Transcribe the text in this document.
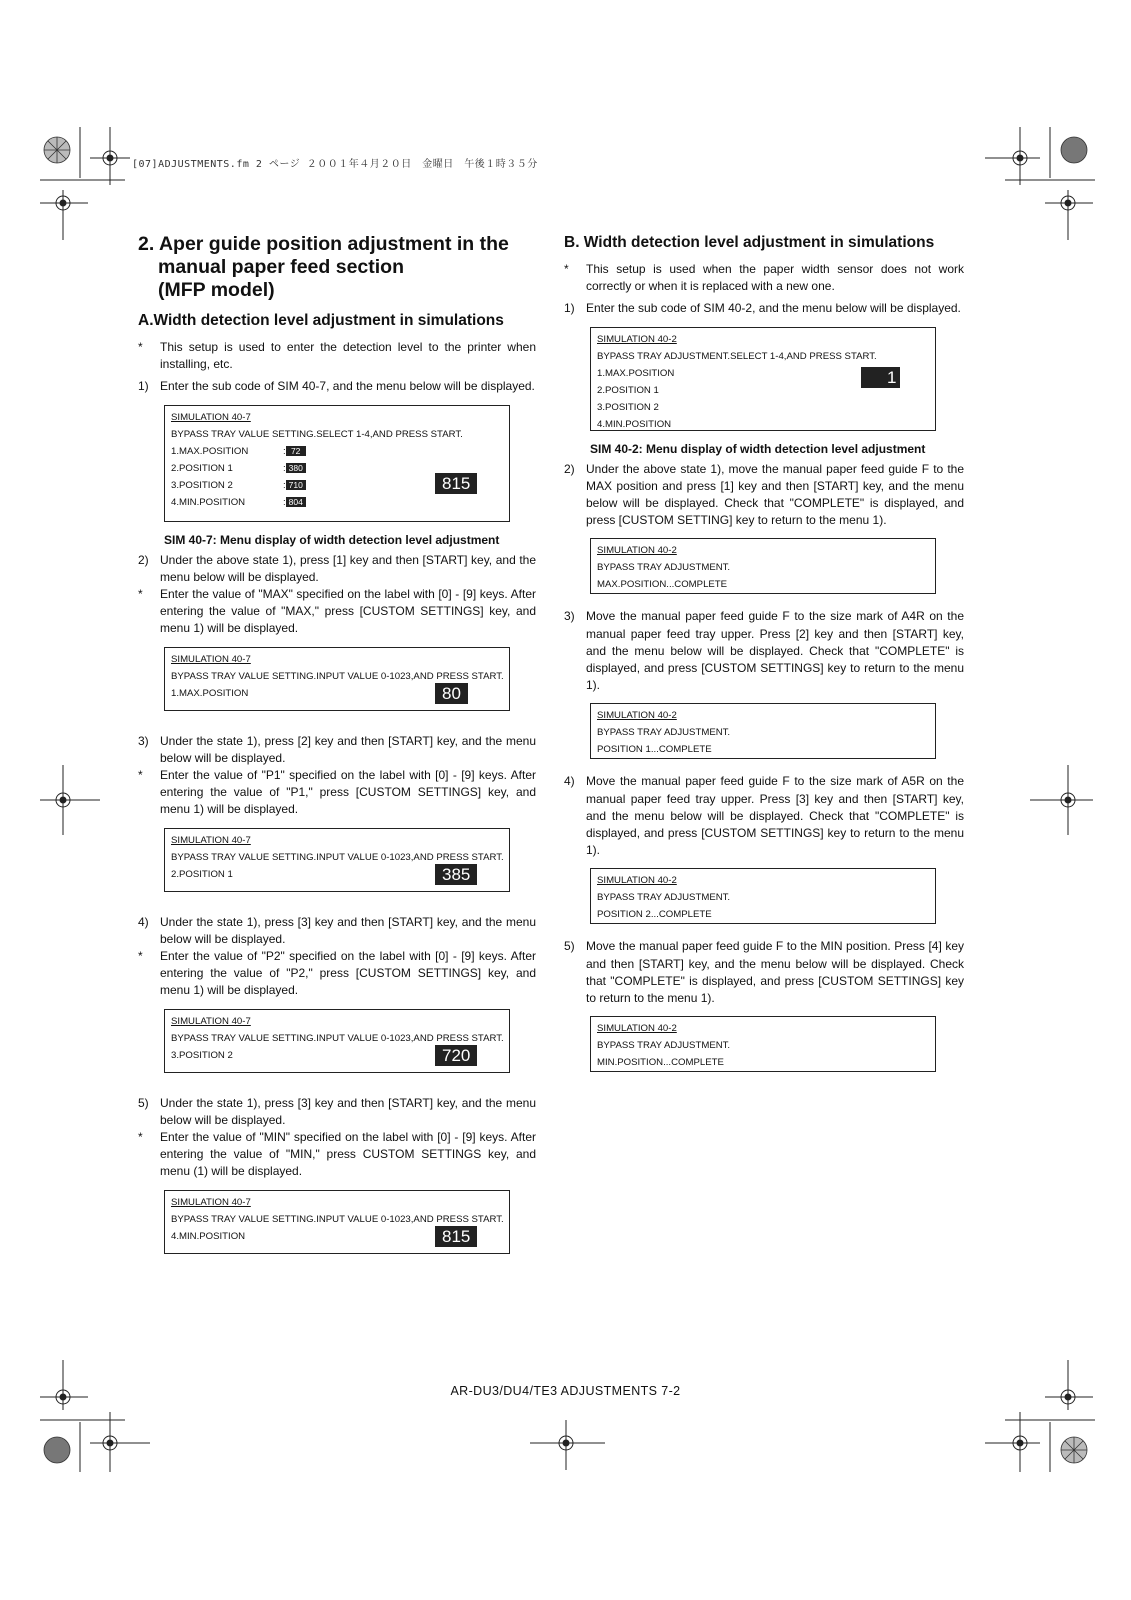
[07]ADJUSTMENTS.fm 2 ページ ２００１年４月２０日　金曜日　午後１時３５分
2. Aper guide position adjustment in the
manual paper feed section
(MFP model)
A.Width detection level adjustment in simulations

* This setup is used to enter the detection level to the printer when installing, etc.

1) Enter the sub code of SIM 40-7, and the menu below will be displayed.

SIMULATION 40-7
BYPASS TRAY VALUE SETTING.SELECT 1-4,AND PRESS START.
1.MAX.POSITION	: 72
2.POSITION 1	: 380
3.POSITION 2	: 710
4.MIN.POSITION	: 804
815

SIM 40-7: Menu display of width detection level adjustment

2) Under the above state 1), press [1] key and then [START] key, and the menu below will be displayed.

* Enter the value of "MAX" specified on the label with [0] - [9] keys. After entering the value of "MAX," press [CUSTOM SETTINGS] key, and menu 1) will be displayed.

SIMULATION 40-7
BYPASS TRAY VALUE SETTING.INPUT VALUE 0-1023,AND PRESS START.
1.MAX.POSITION	80

3) Under the state 1), press [2] key and then [START] key, and the menu below will be displayed.

* Enter the value of "P1" specified on the label with [0] - [9] keys. After entering the value of "P1," press [CUSTOM SETTINGS] key, and menu 1) will be displayed.

SIMULATION 40-7
BYPASS TRAY VALUE SETTING.INPUT VALUE 0-1023,AND PRESS START.
2.POSITION 1	385

4) Under the state 1), press [3] key and then [START] key, and the menu below will be displayed.

* Enter the value of "P2" specified on the label with [0] - [9] keys. After entering the value of "P2," press [CUSTOM SETTINGS] key, and menu 1) will be displayed.

SIMULATION 40-7
BYPASS TRAY VALUE SETTING.INPUT VALUE 0-1023,AND PRESS START.
3.POSITION 2	720

5) Under the state 1), press [3] key and then [START] key, and the menu below will be displayed.

* Enter the value of "MIN" specified on the label with [0] - [9] keys. After entering the value of "MIN," press CUSTOM SETTINGS key, and menu (1) will be displayed.

SIMULATION 40-7
BYPASS TRAY VALUE SETTING.INPUT VALUE 0-1023,AND PRESS START.
4.MIN.POSITION	815
B. Width detection level adjustment in simulations

* This setup is used when the paper width sensor does not work correctly or when it is replaced with a new one.

1) Enter the sub code of SIM 40-2, and the menu below will be displayed.

SIMULATION 40-2
BYPASS TRAY ADJUSTMENT.SELECT 1-4,AND PRESS START.
1.MAX.POSITION
2.POSITION 1
3.POSITION 2
4.MIN.POSITION
1

SIM 40-2: Menu display of width detection level adjustment

2) Under the above state 1), move the manual paper feed guide F to the MAX position and press [1] key and then [START] key, and the menu below will be displayed. Check that "COMPLETE" is displayed, and press [CUSTOM SETTING] key to return to the menu 1).

SIMULATION 40-2
BYPASS TRAY ADJUSTMENT.
MAX.POSITION...COMPLETE

3) Move the manual paper feed guide F to the size mark of A4R on the manual paper feed tray upper. Press [2] key and then [START] key, and the menu below will be displayed. Check that "COMPLETE" is displayed, and press [CUSTOM SETTINGS] key to return to the menu 1).

SIMULATION 40-2
BYPASS TRAY ADJUSTMENT.
POSITION 1...COMPLETE

4) Move the manual paper feed guide F to the size mark of A5R on the manual paper feed tray upper. Press [3] key and then [START] key, and the menu below will be displayed. Check that "COMPLETE" is displayed, and press [CUSTOM SETTINGS] key to return to the menu 1).

SIMULATION 40-2
BYPASS TRAY ADJUSTMENT.
POSITION 2...COMPLETE

5) Move the manual paper feed guide F to the MIN position. Press [4] key and then [START] key, and the menu below will be displayed. Check that "COMPLETE" is displayed, and press [CUSTOM SETTINGS] key to return to the menu 1).

SIMULATION 40-2
BYPASS TRAY ADJUSTMENT.
MIN.POSITION...COMPLETE
AR-DU3/DU4/TE3 ADJUSTMENTS 7-2
